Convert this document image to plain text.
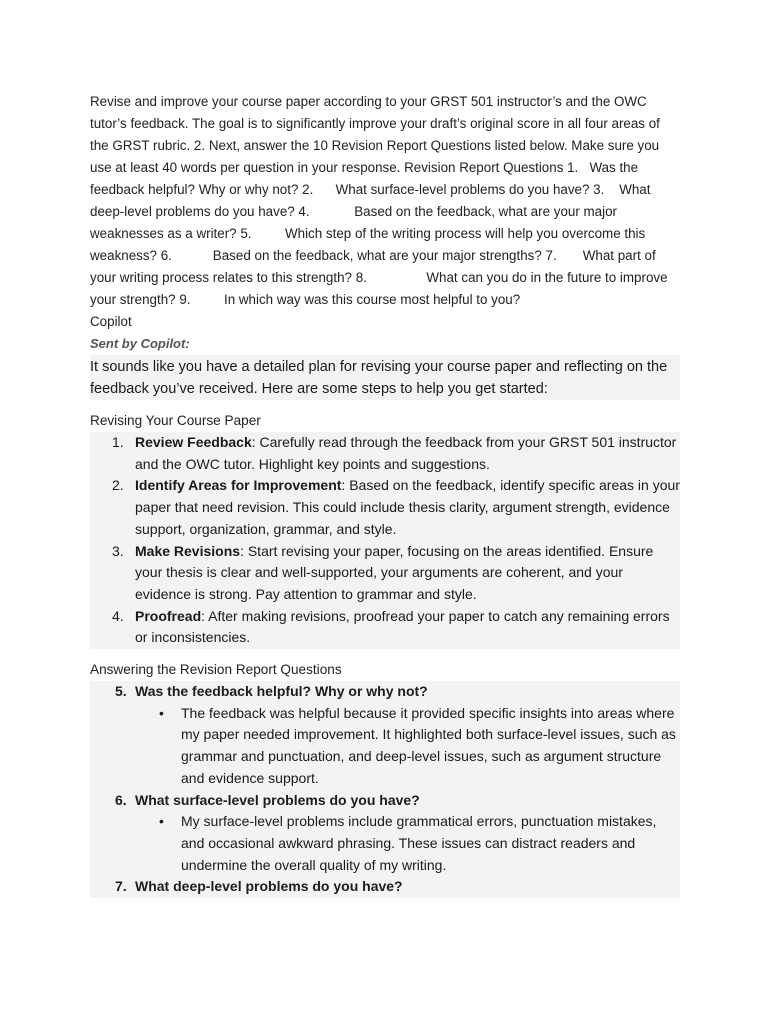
Revise and improve your course paper according to your GRST 501 instructor’s and the OWC tutor’s feedback. The goal is to significantly improve your draft’s original score in all four areas of the GRST rubric. 2. Next, answer the 10 Revision Report Questions listed below. Make sure you use at least 40 words per question in your response. Revision Report Questions 1.   Was the feedback helpful? Why or why not? 2.      What surface-level problems do you have? 3.    What deep-level problems do you have? 4.            Based on the feedback, what are your major weaknesses as a writer? 5.         Which step of the writing process will help you overcome this weakness? 6.           Based on the feedback, what are your major strengths? 7.       What part of your writing process relates to this strength? 8.                What can you do in the future to improve your strength? 9.         In which way was this course most helpful to you?

Copilot

Sent by Copilot:

It sounds like you have a detailed plan for revising your course paper and reflecting on the feedback you’ve received. Here are some steps to help you get started:

Revising Your Course Paper

1. Review Feedback: Carefully read through the feedback from your GRST 501 instructor and the OWC tutor. Highlight key points and suggestions.
2. Identify Areas for Improvement: Based on the feedback, identify specific areas in your paper that need revision. This could include thesis clarity, argument strength, evidence support, organization, grammar, and style.
3. Make Revisions: Start revising your paper, focusing on the areas identified. Ensure your thesis is clear and well-supported, your arguments are coherent, and your evidence is strong. Pay attention to grammar and style.
4. Proofread: After making revisions, proofread your paper to catch any remaining errors or inconsistencies.

Answering the Revision Report Questions

5. Was the feedback helpful? Why or why not?
• The feedback was helpful because it provided specific insights into areas where my paper needed improvement. It highlighted both surface-level issues, such as grammar and punctuation, and deep-level issues, such as argument structure and evidence support.
6. What surface-level problems do you have?
• My surface-level problems include grammatical errors, punctuation mistakes, and occasional awkward phrasing. These issues can distract readers and undermine the overall quality of my writing.
7. What deep-level problems do you have?
